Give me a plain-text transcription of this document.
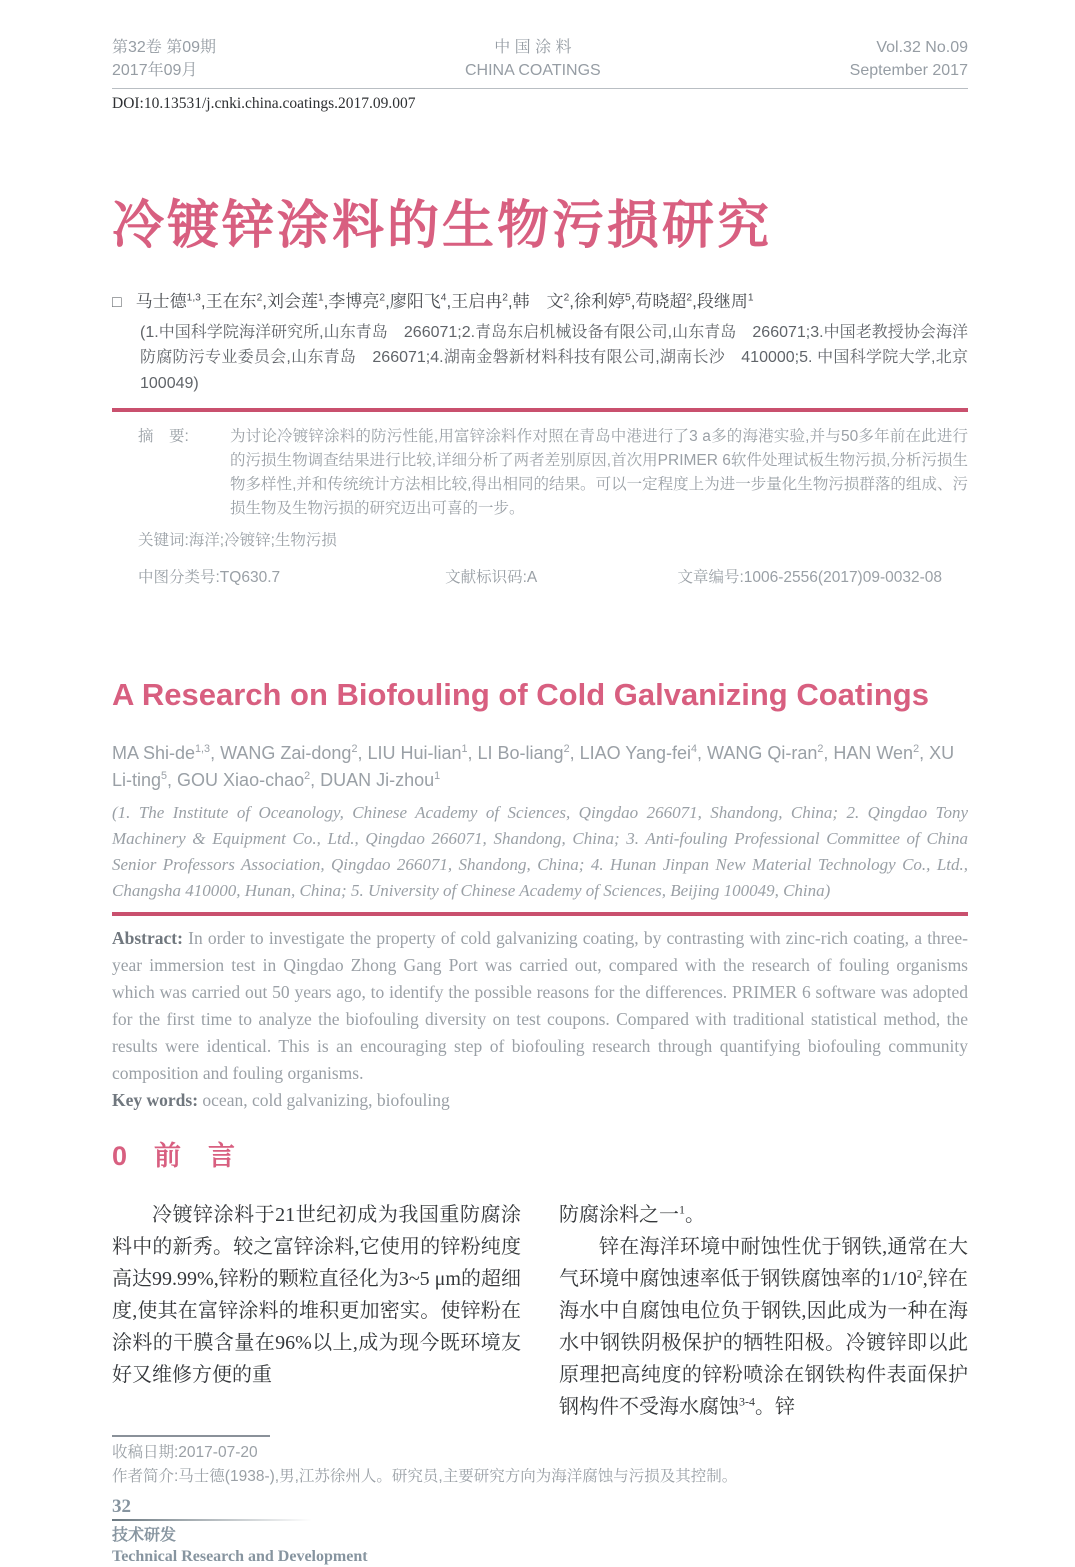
第32卷 第09期
2017年09月
中 国 涂 料
CHINA COATINGS
Vol.32 No.09
September 2017
DOI:10.13531/j.cnki.china.coatings.2017.09.007
冷镀锌涂料的生物污损研究
□ 马士德$^{1,3}$,王在东$^2$,刘会莲$^1$,李博亮$^2$,廖阳飞$^4$,王启冉$^2$,韩　文$^2$,徐利婷$^5$,苟晓超$^2$,段继周$^1$
(1.中国科学院海洋研究所,山东青岛　266071;2.青岛东启机械设备有限公司,山东青岛　266071;3.中国老教授协会海洋防腐防污专业委员会,山东青岛　266071;4.湖南金磐新材料科技有限公司,湖南长沙　410000;5. 中国科学院大学,北京100049)
摘　要:	为讨论冷镀锌涂料的防污性能,用富锌涂料作对照在青岛中港进行了3 a多的海港实验,并与50多年前在此进行的污损生物调查结果进行比较,详细分析了两者差别原因,首次用PRIMER 6软件处理试板生物污损,分析污损生物多样性,并和传统统计方法相比较,得出相同的结果。可以一定程度上为进一步量化生物污损群落的组成、污损生物及生物污损的研究迈出可喜的一步。
关键词:海洋;冷镀锌;生物污损
中图分类号:TQ630.7	文献标识码:A	文章编号:1006-2556(2017)09-0032-08
A Research on Biofouling of Cold Galvanizing Coatings
MA Shi-de$^{1,3}$, WANG Zai-dong$^2$, LIU Hui-lian$^1$, LI Bo-liang$^2$, LIAO Yang-fei$^4$, WANG Qi-ran$^2$, HAN Wen$^2$, XU Li-ting$^5$, GOU Xiao-chao$^2$, DUAN Ji-zhou$^1$
(1. The Institute of Oceanology, Chinese Academy of Sciences, Qingdao 266071, Shandong, China; 2. Qingdao Tony Machinery & Equipment Co., Ltd., Qingdao 266071, Shandong, China; 3. Anti-fouling Professional Committee of China Senior Professors Association, Qingdao 266071, Shandong, China; 4. Hunan Jinpan New Material Technology Co., Ltd., Changsha 410000, Hunan, China; 5. University of Chinese Academy of Sciences, Beijing 100049, China)
Abstract: In order to investigate the property of cold galvanizing coating, by contrasting with zinc-rich coating, a three-year immersion test in Qingdao Zhong Gang Port was carried out, compared with the research of fouling organisms which was carried out 50 years ago, to identify the possible reasons for the differences. PRIMER 6 software was adopted for the first time to analyze the biofouling diversity on test coupons. Compared with traditional statistical method, the results were identical. This is an encouraging step of biofouling research through quantifying biofouling community composition and fouling organisms.
Key words: ocean, cold galvanizing, biofouling
0　前　言

冷镀锌涂料于21世纪初成为我国重防腐涂料中的新秀。较之富锌涂料,它使用的锌粉纯度高达99.99%,锌粉的颗粒直径化为3~5 μm的超细度,使其在富锌涂料的堆积更加密实。使锌粉在涂料的干膜含量在96%以上,成为现今既环境友好又维修方便的重

防腐涂料之一$^1$。

锌在海洋环境中耐蚀性优于钢铁,通常在大气环境中腐蚀速率低于钢铁腐蚀率的$1/10^2$,锌在海水中自腐蚀电位负于钢铁,因此成为一种在海水中钢铁阴极保护的牺牲阳极。冷镀锌即以此原理把高纯度的锌粉喷涂在钢铁构件表面保护钢构件不受海水腐蚀$^{3-4}$。锌

收稿日期:2017-07-20
作者简介:马士德(1938-),男,江苏徐州人。研究员,主要研究方向为海洋腐蚀与污损及其控制。
32
技术研发
Technical Research and Development
